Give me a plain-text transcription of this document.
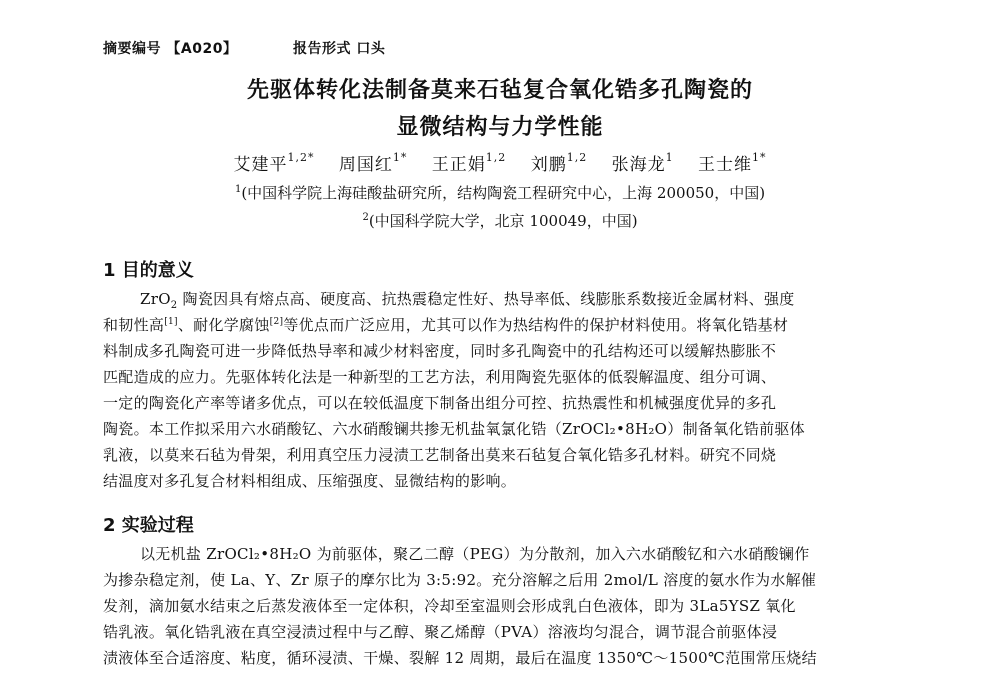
摘要编号 【A020】	报告形式 口头
先驱体转化法制备莫来石毡复合氧化锆多孔陶瓷的
显微结构与力学性能
艾建平$^{1,2*}$ 周国红$^{1*}$ 王正娟$^{1,2}$ 刘鹏$^{1,2}$ 张海龙$^1$ 王士维$^{1*}$
$^1$(中国科学院上海硅酸盐研究所，结构陶瓷工程研究中心，上海 200050，中国)
$^2$(中国科学院大学，北京 100049，中国)
1 目的意义
ZrO$_2$ 陶瓷因具有熔点高、硬度高、抗热震稳定性好、热导率低、线膨胀系数接近金属材料、强度
和韧性高[1]、耐化学腐蚀[2]等优点而广泛应用，尤其可以作为热结构件的保护材料使用。将氧化锆基材
料制成多孔陶瓷可进一步降低热导率和减少材料密度，同时多孔陶瓷中的孔结构还可以缓解热膨胀不
匹配造成的应力。先驱体转化法是一种新型的工艺方法，利用陶瓷先驱体的低裂解温度、组分可调、
一定的陶瓷化产率等诸多优点，可以在较低温度下制备出组分可控、抗热震性和机械强度优异的多孔
陶瓷。本工作拟采用六水硝酸钇、六水硝酸镧共掺无机盐氧氯化锆（ZrOCl₂•8H₂O）制备氧化锆前驱体
乳液，以莫来石毡为骨架，利用真空压力浸渍工艺制备出莫来石毡复合氧化锆多孔材料。研究不同烧
结温度对多孔复合材料相组成、压缩强度、显微结构的影响。
2 实验过程
以无机盐 ZrOCl₂•8H₂O 为前驱体，聚乙二醇（PEG）为分散剂，加入六水硝酸钇和六水硝酸镧作
为掺杂稳定剂，使 La、Y、Zr 原子的摩尔比为 3:5:92。充分溶解之后用 2mol/L 溶度的氨水作为水解催
发剂，滴加氨水结束之后蒸发液体至一定体积，冷却至室温则会形成乳白色液体，即为 3La5YSZ 氧化
锆乳液。氧化锆乳液在真空浸渍过程中与乙醇、聚乙烯醇（PVA）溶液均匀混合，调节混合前驱体浸
渍液体至合适溶度、粘度，循环浸渍、干燥、裂解 12 周期，最后在温度 1350℃～1500℃范围常压烧结
